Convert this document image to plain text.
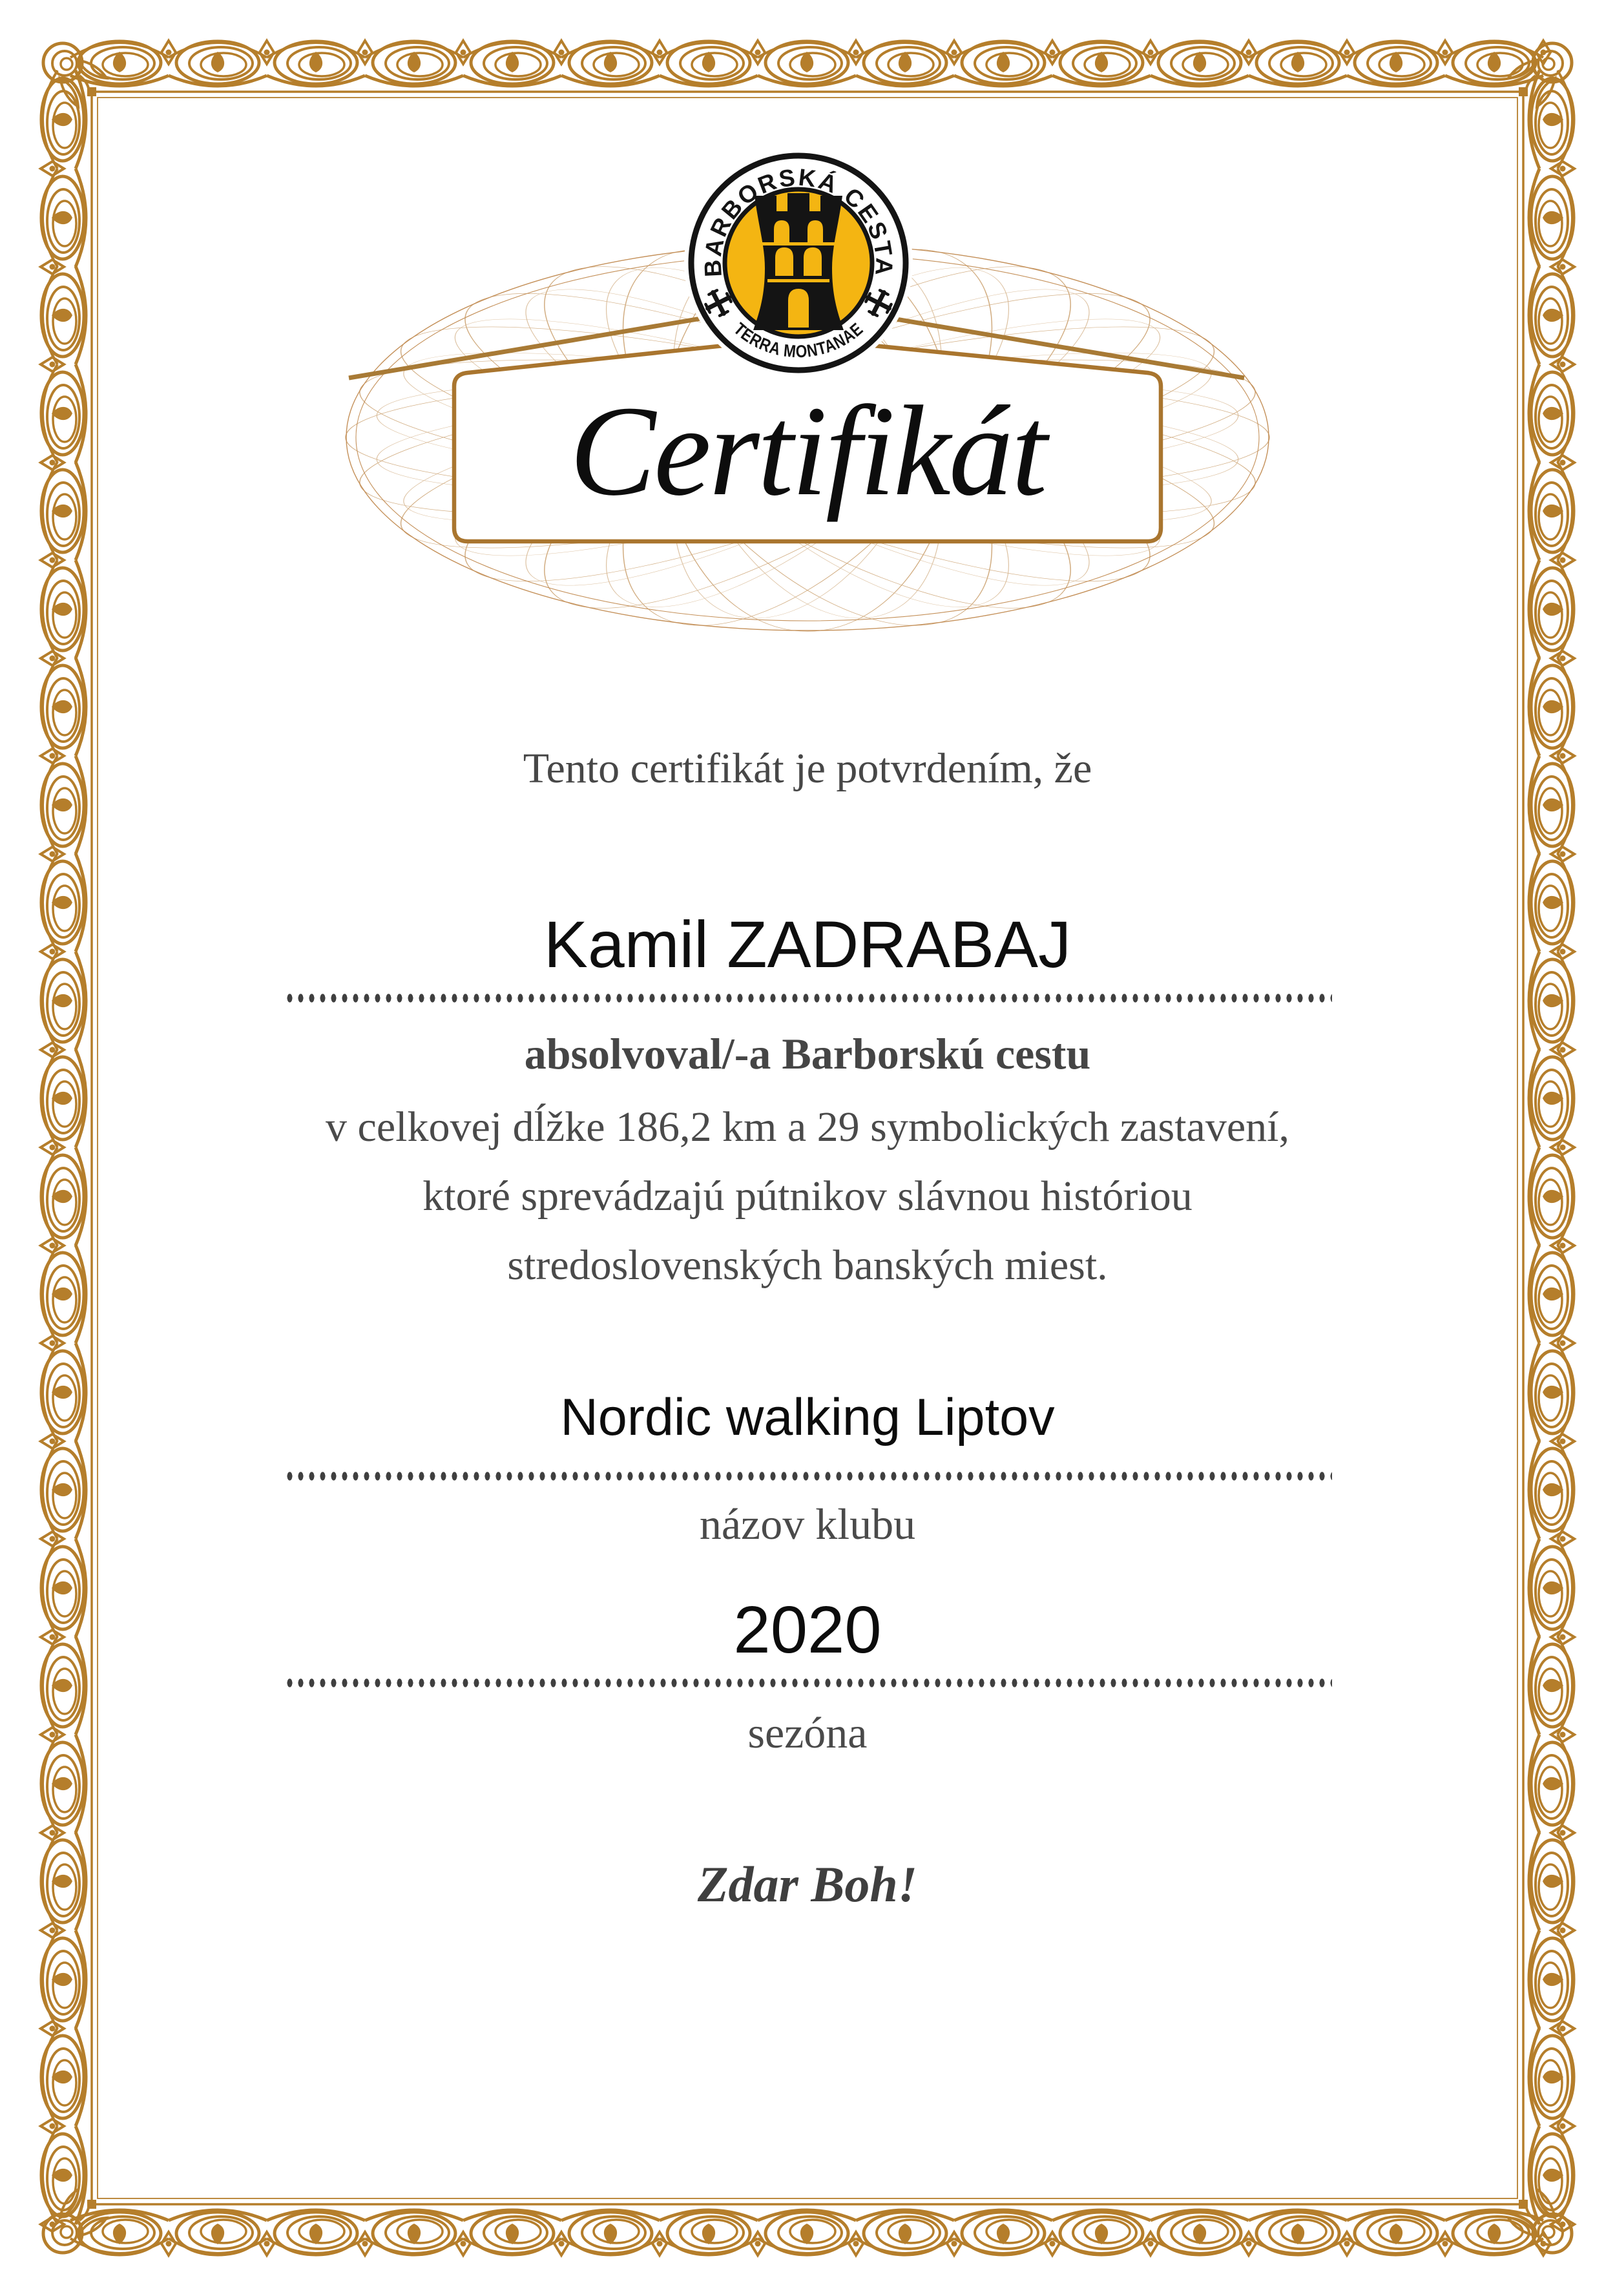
Certifikát
BARBORSKÁ CESTA
TERRA MONTANAE
Tento certifikát je potvrdením, že
Kamil ZADRABAJ
absolvoval/-a Barborskú cestu
v celkovej dĺžke 186,2 km a 29 symbolických zastavení,
ktoré sprevádzajú pútnikov slávnou históriou
stredoslovenských banských miest.
Nordic walking Liptov
názov klubu
2020
sezóna
Zdar Boh!
